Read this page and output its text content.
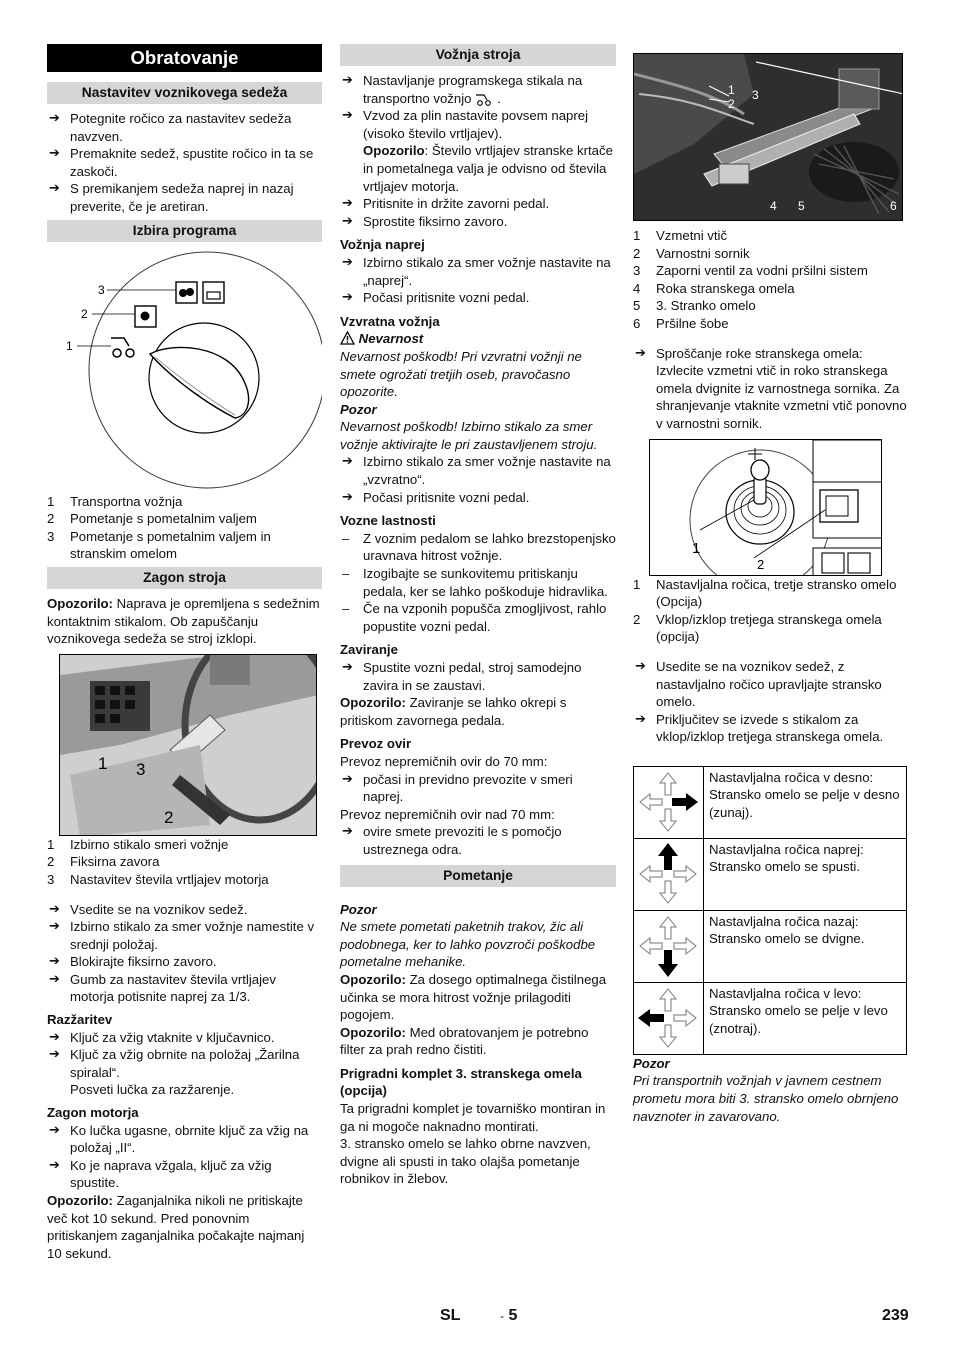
Obratovanje
Nastavitev voznikovega sedeža
➔ Potegnite ročico za nastavitev sedeža navzven.
➔ Premaknite sedež, spustite ročico in ta se zaskoči.
➔ S premikanjem sedeža naprej in nazaj preverite, če je aretiran.
Izbira programa
3
2
1
1 Transportna vožnja
2 Pometanje s pometalnim valjem
3 Pometanje s pometalnim valjem in stranskim omelom
Zagon stroja
Opozorilo: Naprava je opremljena s sedežnim kontaktnim stikalom. Ob zapuščanju voznikovega sedeža se stroj izklopi.
1 3
2
1 Izbirno stikalo smeri vožnje
2 Fiksirna zavora
3 Nastavitev števila vrtljajev motorja
➔ Vsedite se na voznikov sedež.
➔ Izbirno stikalo za smer vožnje namestite v srednji položaj.
➔ Blokirajte fiksirno zavoro.
➔ Gumb za nastavitev števila vrtljajev motorja potisnite naprej za 1/3.
Razžaritev
➔ Ključ za vžig vtaknite v ključavnico.
➔ Ključ za vžig obrnite na položaj „Žarilna spiralal“.
Posveti lučka za razžarenje.
Zagon motorja
➔ Ko lučka ugasne, obrnite ključ za vžig na položaj „II“.
➔ Ko je naprava vžgala, ključ za vžig spustite.
Opozorilo: Zaganjalnika nikoli ne pritiskajte več kot 10 sekund. Pred ponovnim pritiskanjem zaganjalnika počakajte najmanj 10 sekund.
Vožnja stroja
➔ Nastavljanje programskega stikala na transportno vožnjo .
➔ Vzvod za plin nastavite povsem naprej (visoko število vrtljajev).
Opozorilo: Število vrtljajev stranske krtače in pometalnega valja je odvisno od števila vrtljajev motorja.
➔ Pritisnite in držite zavorni pedal.
➔ Sprostite fiksirno zavoro.
Vožnja naprej
➔ Izbirno stikalo za smer vožnje nastavite na „naprej“.
➔ Počasi pritisnite vozni pedal.
Vzvratna vožnja
Nevarnost
Nevarnost poškodb! Pri vzvratni vožnji ne smete ogrožati tretjih oseb, pravočasno opozorite.
Pozor
Nevarnost poškodb! Izbirno stikalo za smer vožnje aktivirajte le pri zaustavljenem stroju.
➔ Izbirno stikalo za smer vožnje nastavite na „vzvratno“.
➔ Počasi pritisnite vozni pedal.
Vozne lastnosti
– Z voznim pedalom se lahko brezstopenjsko uravnava hitrost vožnje.
– Izogibajte se sunkovitemu pritiskanju pedala, ker se lahko poškoduje hidravlika.
– Če na vzponih popušča zmogljivost, rahlo popustite vozni pedal.
Zaviranje
➔ Spustite vozni pedal, stroj samodejno zavira in se zaustavi.
Opozorilo: Zaviranje se lahko okrepi s pritiskom zavornega pedala.
Prevoz ovir
Prevoz nepremičnih ovir do 70 mm:
➔ počasi in previdno prevozite v smeri naprej.
Prevoz nepremičnih ovir nad 70 mm:
➔ ovire smete prevoziti le s pomočjo ustreznega odra.
Pometanje
Pozor
Ne smete pometati paketnih trakov, žic ali podobnega, ker to lahko povzroči poškodbe pometalne mehanike.
Opozorilo: Za dosego optimalnega čistilnega učinka se mora hitrost vožnje prilagoditi pogojem.
Opozorilo: Med obratovanjem je potrebno filter za prah redno čistiti.
Prigradni komplet 3. stranskega omela (opcija)
Ta prigradni komplet je tovarniško montiran in ga ni mogoče naknadno montirati.
3. stransko omelo se lahko obrne navzven, dvigne ali spusti in tako olajša pometanje robnikov in žlebov.
1
2
3
4 5	6
1 Vzmetni vtič
2 Varnostni sornik
3 Zaporni ventil za vodni pršilni sistem
4 Roka stranskega omela
5 3. Stranko omelo
6 Pršilne šobe
➔ Sproščanje roke stranskega omela: Izvlecite vzmetni vtič in roko stranskega omela dvignite iz varnostnega sornika. Za shranjevanje vtaknite vzmetni vtič ponovno v varnostni sornik.
1
2
1 Nastavljalna ročica, tretje stransko omelo (Opcija)
2 Vklop/izklop tretjega stranskega omela (opcija)
➔ Usedite se na voznikov sedež, z nastavljalno ročico upravljajte stransko omelo.
➔ Priključitev se izvede s stikalom za vklop/izklop tretjega stranskega omela.
	Nastavljalna ročica v desno: Stransko omelo se pelje v desno (zunaj).

	Nastavljalna ročica naprej: Stransko omelo se spusti.

	Nastavljalna ročica nazaj: Stransko omelo se dvigne.

	Nastavljalna ročica v levo: Stransko omelo se pelje v levo (znotraj).
Pozor
Pri transportnih vožnjah v javnem cestnem prometu mora biti 3. stransko omelo obrnjeno navznoter in zavarovano.
SL	- 5	239
